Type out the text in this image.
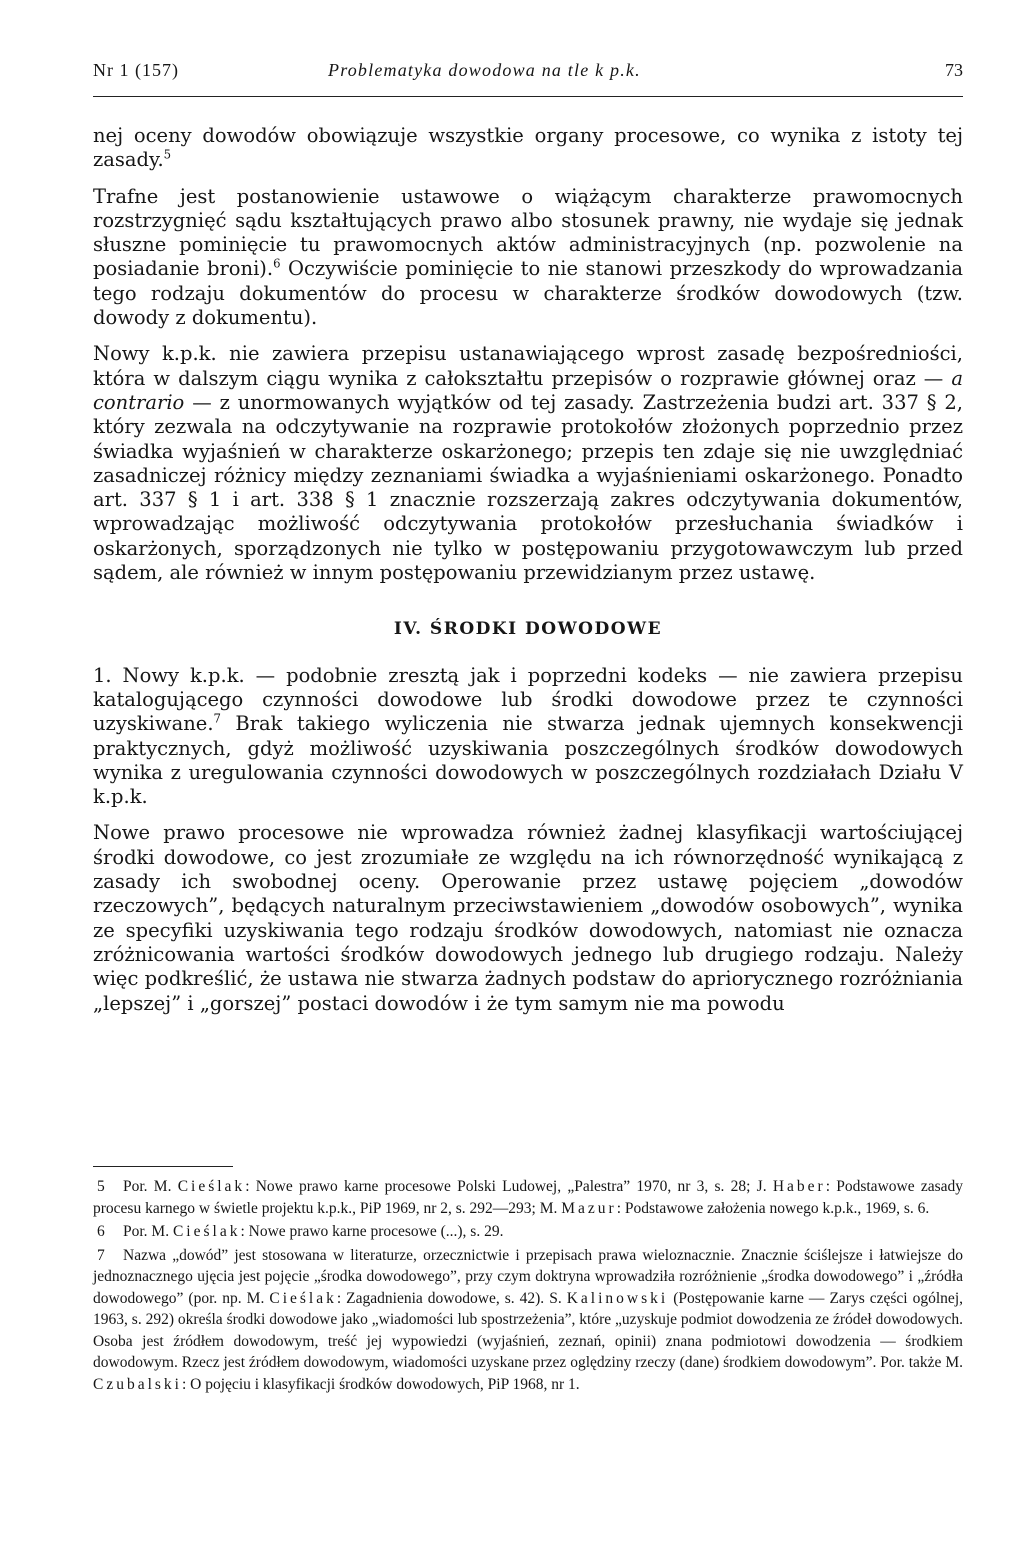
Nr 1 (157)	Problematyka dowodowa na tle k p.k.	73

nej oceny dowodów obowiązuje wszystkie organy procesowe, co wynika z istoty tej zasady.$^5$

Trafne jest postanowienie ustawowe o wiążącym charakterze prawomocnych rozstrzygnięć sądu kształtujących prawo albo stosunek prawny, nie wydaje się jednak słuszne pominięcie tu prawomocnych aktów administracyjnych (np. pozwolenie na posiadanie broni).$^6$ Oczywiście pominięcie to nie stanowi przeszkody do wprowadzania tego rodzaju dokumentów do procesu w charakterze środków dowodowych (tzw. dowody z dokumentu).

Nowy k.p.k. nie zawiera przepisu ustanawiającego wprost zasadę bezpośredniości, która w dalszym ciągu wynika z całokształtu przepisów o rozprawie głównej oraz — a contrario — z unormowanych wyjątków od tej zasady. Zastrzeżenia budzi art. 337 § 2, który zezwala na odczytywanie na rozprawie protokołów złożonych poprzednio przez świadka wyjaśnień w charakterze oskarżonego; przepis ten zdaje się nie uwzględniać zasadniczej różnicy między zeznaniami świadka a wyjaśnieniami oskarżonego. Ponadto art. 337 § 1 i art. 338 § 1 znacznie rozszerzają zakres odczytywania dokumentów, wprowadzając możliwość odczytywania protokołów przesłuchania świadków i oskarżonych, sporządzonych nie tylko w postępowaniu przygotowawczym lub przed sądem, ale również w innym postępowaniu przewidzianym przez ustawę.

IV. ŚRODKI DOWODOWE

1. Nowy k.p.k. — podobnie zresztą jak i poprzedni kodeks — nie zawiera przepisu katalogującego czynności dowodowe lub środki dowodowe przez te czynności uzyskiwane.$^7$ Brak takiego wyliczenia nie stwarza jednak ujemnych konsekwencji praktycznych, gdyż możliwość uzyskiwania poszczególnych środków dowodowych wynika z uregulowania czynności dowodowych w poszczególnych rozdziałach Działu V k.p.k.

Nowe prawo procesowe nie wprowadza również żadnej klasyfikacji wartościującej środki dowodowe, co jest zrozumiałe ze względu na ich równorzędność wynikającą z zasady ich swobodnej oceny. Operowanie przez ustawę pojęciem „dowodów rzeczowych”, będących naturalnym przeciwstawieniem „dowodów osobowych”, wynika ze specyfiki uzyskiwania tego rodzaju środków dowodowych, natomiast nie oznacza zróżnicowania wartości środków dowodowych jednego lub drugiego rodzaju. Należy więc podkreślić, że ustawa nie stwarza żadnych podstaw do apriorycznego rozróżniania „lepszej” i „gorszej” postaci dowodów i że tym samym nie ma powodu

5 Por. M. Cieślak: Nowe prawo karne procesowe Polski Ludowej, „Palestra” 1970, nr 3, s. 28; J. Haber: Podstawowe zasady procesu karnego w świetle projektu k.p.k., PiP 1969, nr 2, s. 292—293; M. Mazur: Podstawowe założenia nowego k.p.k., 1969, s. 6.

6 Por. M. Cieślak: Nowe prawo karne procesowe (...), s. 29.

7 Nazwa „dowód” jest stosowana w literaturze, orzecznictwie i przepisach prawa wieloznacznie. Znacznie ściślejsze i łatwiejsze do jednoznacznego ujęcia jest pojęcie „środka dowodowego”, przy czym doktryna wprowadziła rozróżnienie „środka dowodowego” i „źródła dowodowego” (por. np. M. Cieślak: Zagadnienia dowodowe, s. 42). S. Kalinowski (Postępowanie karne — Zarys części ogólnej, 1963, s. 292) określa środki dowodowe jako „wiadomości lub spostrzeżenia”, które „uzyskuje podmiot dowodzenia ze źródeł dowodowych. Osoba jest źródłem dowodowym, treść jej wypowiedzi (wyjaśnień, zeznań, opinii) znana podmiotowi dowodzenia — środkiem dowodowym. Rzecz jest źródłem dowodowym, wiadomości uzyskane przez oględziny rzeczy (dane) środkiem dowodowym”. Por. także M. Czubalski: O pojęciu i klasyfikacji środków dowodowych, PiP 1968, nr 1.
